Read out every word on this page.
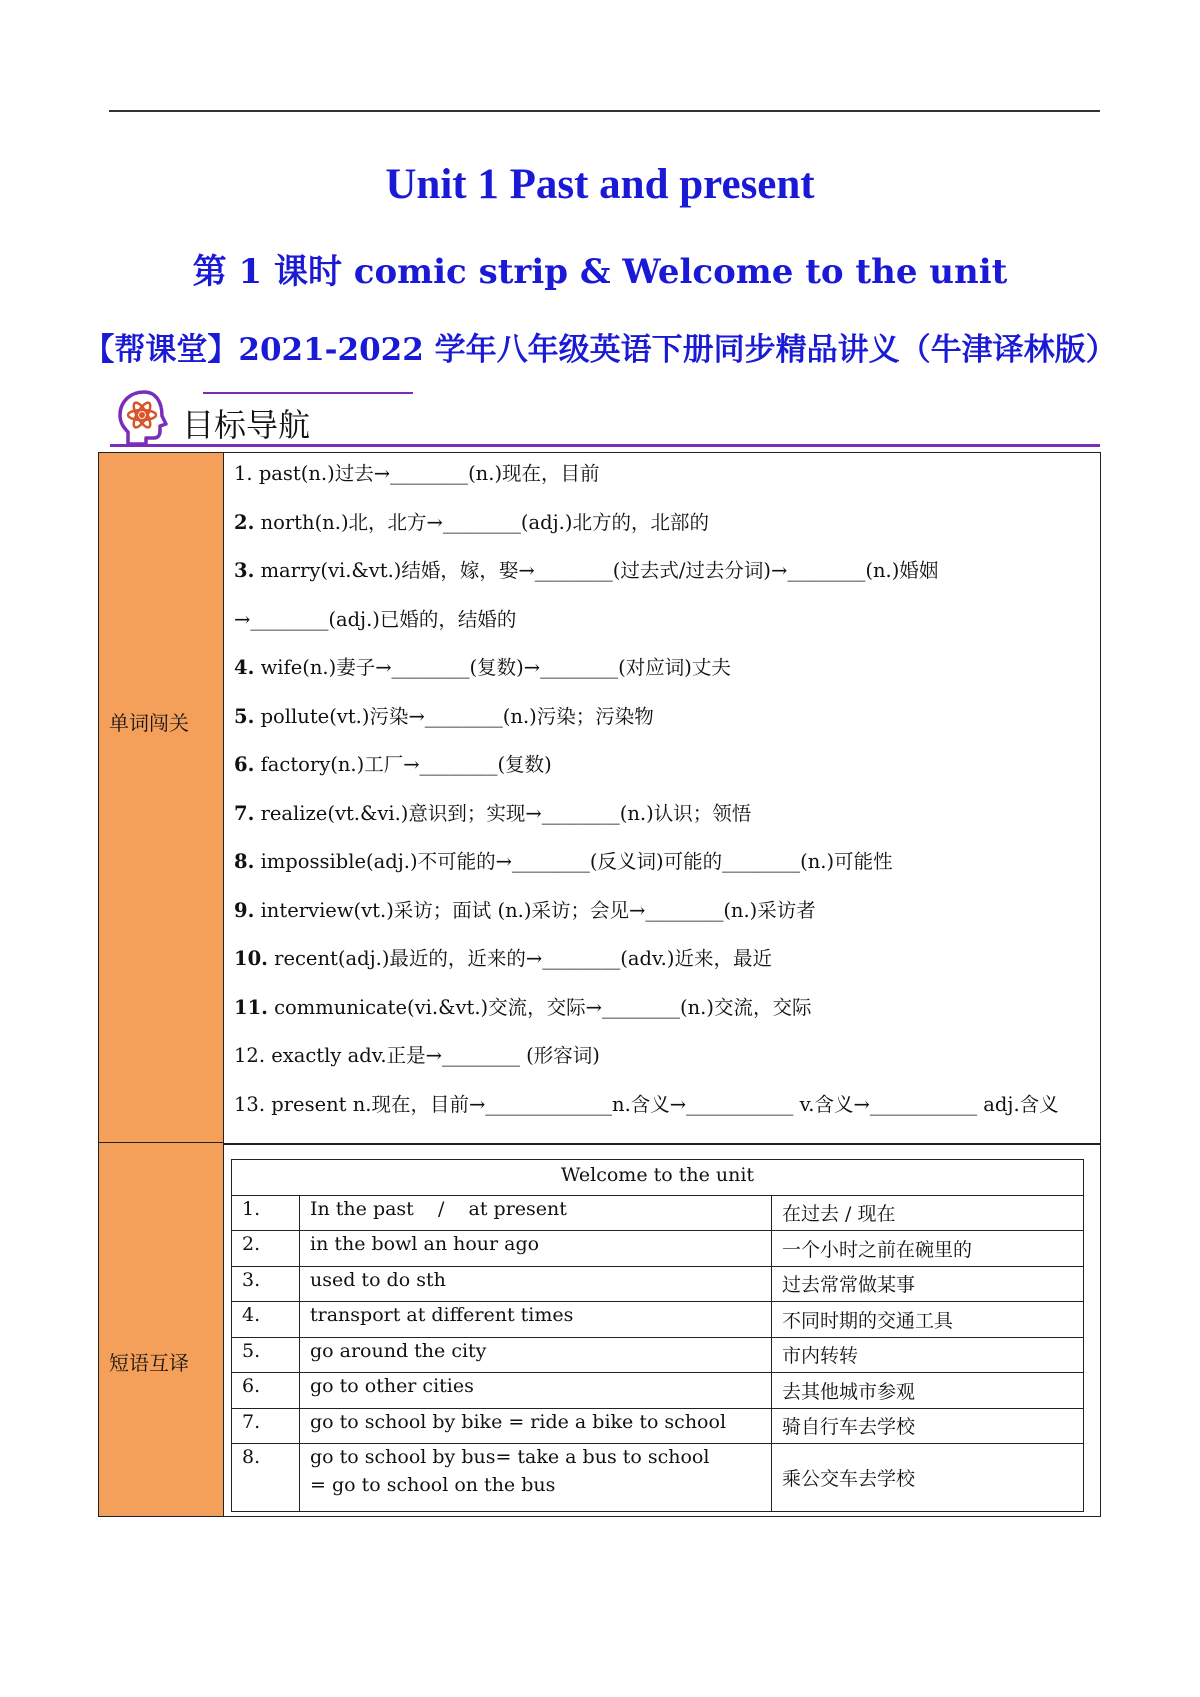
Unit 1 Past and present
第 1 课时 comic strip & Welcome to the unit
【帮课堂】2021-2022 学年八年级英语下册同步精品讲义（牛津译林版）
目标导航
单词闯关
短语互译
1. past(n.)过去→________(n.)现在，目前
2. north(n.)北，北方→________(adj.)北方的，北部的
3. marry(vi.&vt.)结婚，嫁，娶→________(过去式/过去分词)→________(n.)婚姻
→________(adj.)已婚的，结婚的
4. wife(n.)妻子→________(复数)→________(对应词)丈夫
5. pollute(vt.)污染→________(n.)污染；污染物
6. factory(n.)工厂→________(复数)
7. realize(vt.&vi.)意识到；实现→________(n.)认识；领悟
8. impossible(adj.)不可能的→________(反义词)可能的________(n.)可能性
9. interview(vt.)采访；面试 (n.)采访；会见→________(n.)采访者
10. recent(adj.)最近的，近来的→________(adv.)近来，最近
11. communicate(vi.&vt.)交流，交际→________(n.)交流，交际
12. exactly adv.正是→________ (形容词)
13. present n.现在，目前→_____________n.含义→___________ v.含义→___________ adj.含义
Welcome to the unit		
1.	In the past    /    at present	在过去 / 现在
2.	in the bowl an hour ago	一个小时之前在碗里的
3.	used to do sth	过去常常做某事
4.	transport at different times	不同时期的交通工具
5.	go around the city	市内转转
6.	go to other cities	去其他城市参观
7.	go to school by bike = ride a bike to school	骑自行车去学校
8.	go to school by bus= take a bus to school
= go to school on the bus	乘公交车去学校
